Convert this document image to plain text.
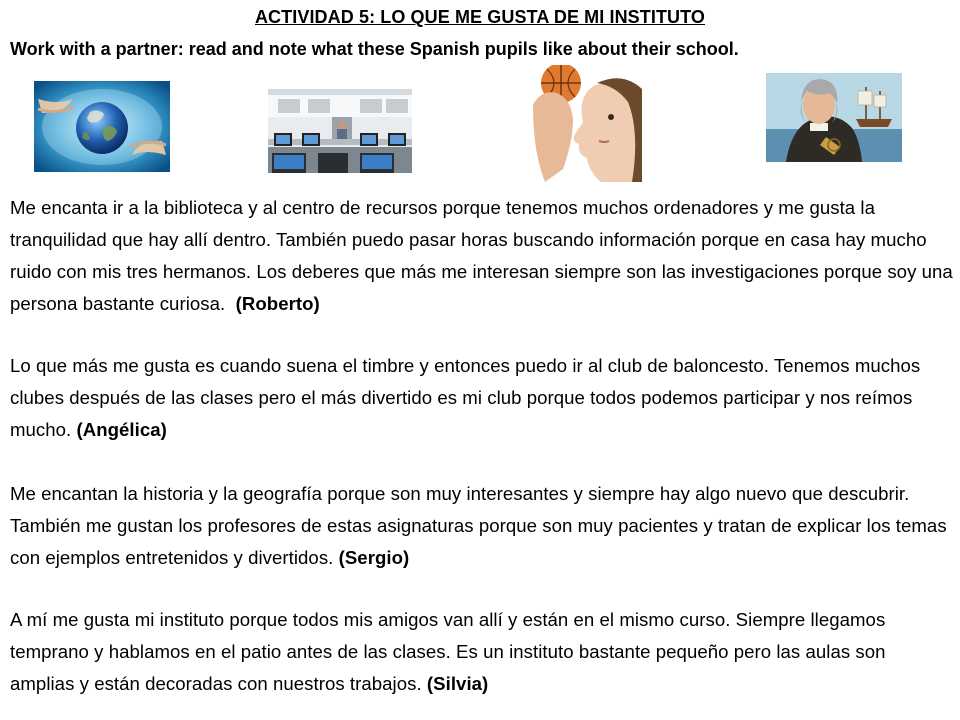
ACTIVIDAD 5: LO QUE ME GUSTA DE MI INSTITUTO
Work with a partner: read and note what these Spanish pupils like about their school.
Me encanta ir a la biblioteca y al centro de recursos porque tenemos muchos ordenadores y me gusta la tranquilidad que hay allí dentro. También puedo pasar horas buscando información porque en casa hay mucho ruido con mis tres hermanos. Los deberes que más me interesan siempre son las investigaciones porque soy una persona bastante curiosa. (Roberto)
Lo que más me gusta es cuando suena el timbre y entonces puedo ir al club de baloncesto. Tenemos muchos clubes después de las clases pero el más divertido es mi club porque todos podemos participar y nos reímos mucho. (Angélica)
Me encantan la historia y la geografía porque son muy interesantes y siempre hay algo nuevo que descubrir. También me gustan los profesores de estas asignaturas porque son muy pacientes y tratan de explicar los temas con ejemplos entretenidos y divertidos. (Sergio)
A mí me gusta mi instituto porque todos mis amigos van allí y están en el mismo curso. Siempre llegamos temprano y hablamos en el patio antes de las clases. Es un instituto bastante pequeño pero las aulas son amplias y están decoradas con nuestros trabajos. (Silvia)
